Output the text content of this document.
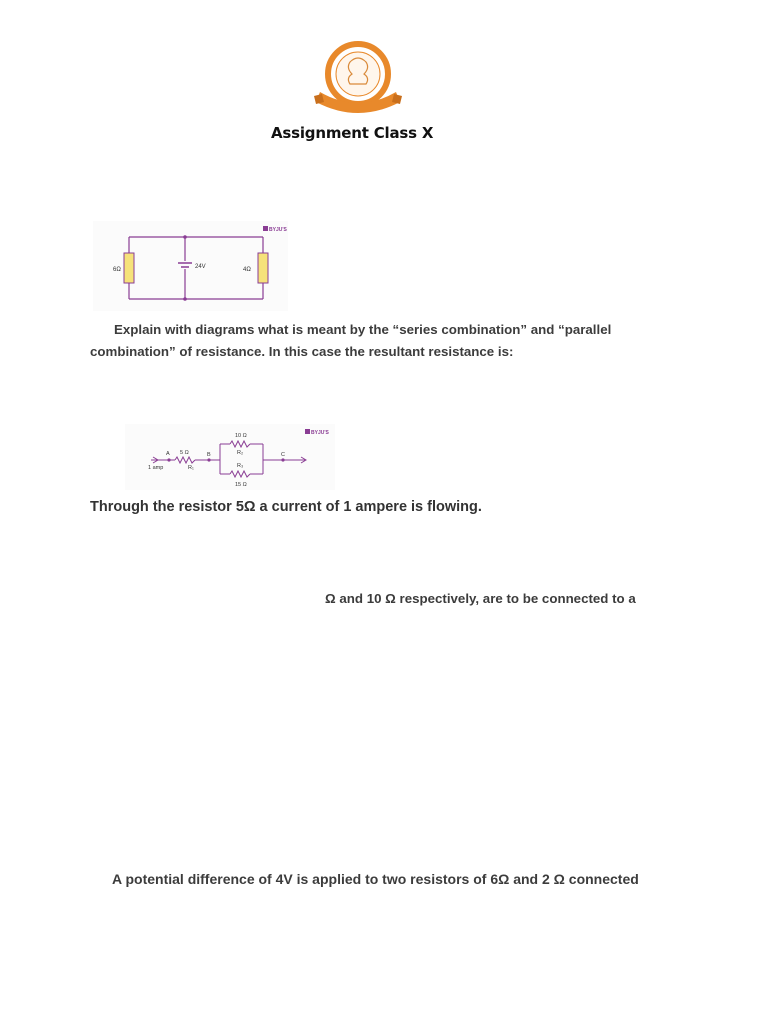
Assignment Class X
6Ω	24V	4Ω
BYJU'S
Explain with diagrams what is meant by the “series combination” and “parallel
combination” of resistance. In this case the resultant resistance is:
A 5 Ω	B
10 Ω
R₂
R₃
15 Ω
C
1 amp	R₁
BYJU'S
Through the resistor 5Ω a current of 1 ampere is flowing.
Ω and 10 Ω respectively, are to be connected to a
A potential difference of 4V is applied to two resistors of 6Ω and 2 Ω connected
